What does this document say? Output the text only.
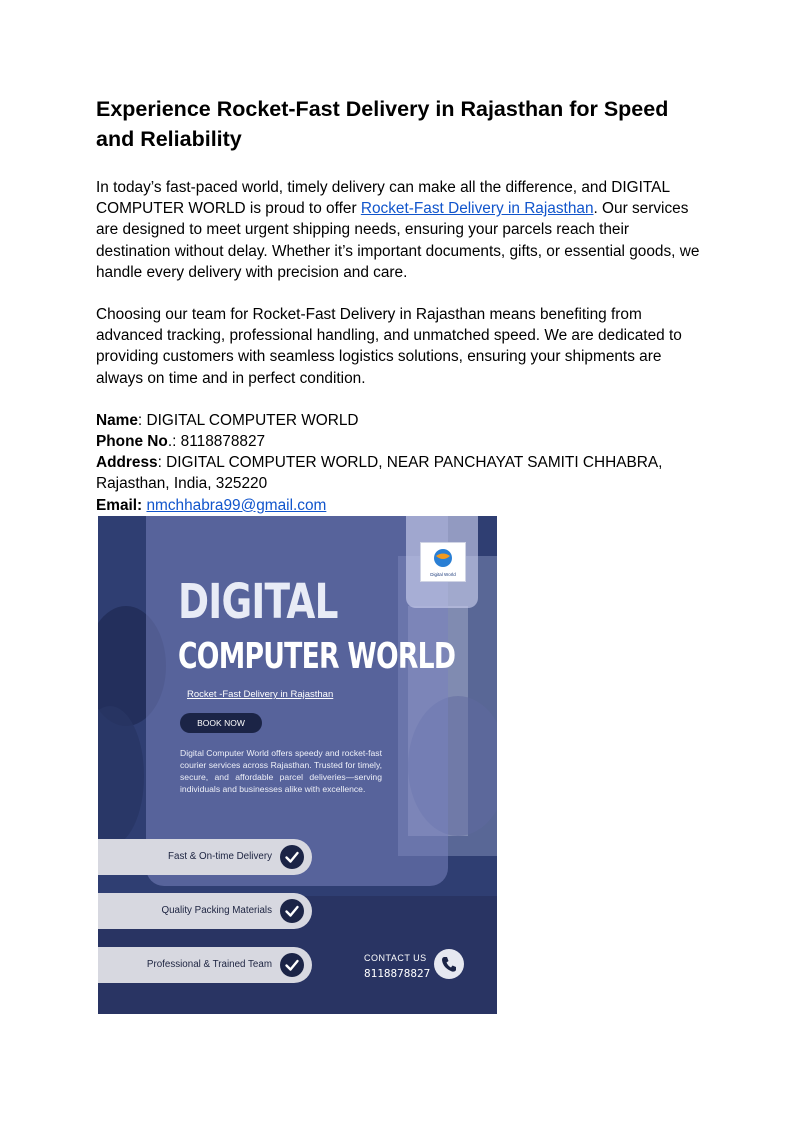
Experience Rocket-Fast Delivery in Rajasthan for Speed and Reliability

In today’s fast-paced world, timely delivery can make all the difference, and DIGITAL COMPUTER WORLD is proud to offer Rocket-Fast Delivery in Rajasthan. Our services are designed to meet urgent shipping needs, ensuring your parcels reach their destination without delay. Whether it’s important documents, gifts, or essential goods, we handle every delivery with precision and care.

Choosing our team for Rocket-Fast Delivery in Rajasthan means benefiting from advanced tracking, professional handling, and unmatched speed. We are dedicated to providing customers with seamless logistics solutions, ensuring your shipments are always on time and in perfect condition.

Name: DIGITAL COMPUTER WORLD

Phone No.: 8118878827

Address: DIGITAL COMPUTER WORLD, NEAR PANCHAYAT SAMITI CHHABRA, Rajasthan, India, 325220

Email: nmchhabra99@gmail.com

Digital World
DIGITAL
COMPUTER WORLD
Rocket -Fast Delivery in Rajasthan
BOOK NOW
Digital Computer World offers speedy and rocket-fast courier services across Rajasthan. Trusted for timely, secure, and affordable parcel deliveries—serving individuals and businesses alike with excellence.
Fast & On-time Delivery
Quality Packing Materials
Professional & Trained Team
CONTACT US
8118878827
